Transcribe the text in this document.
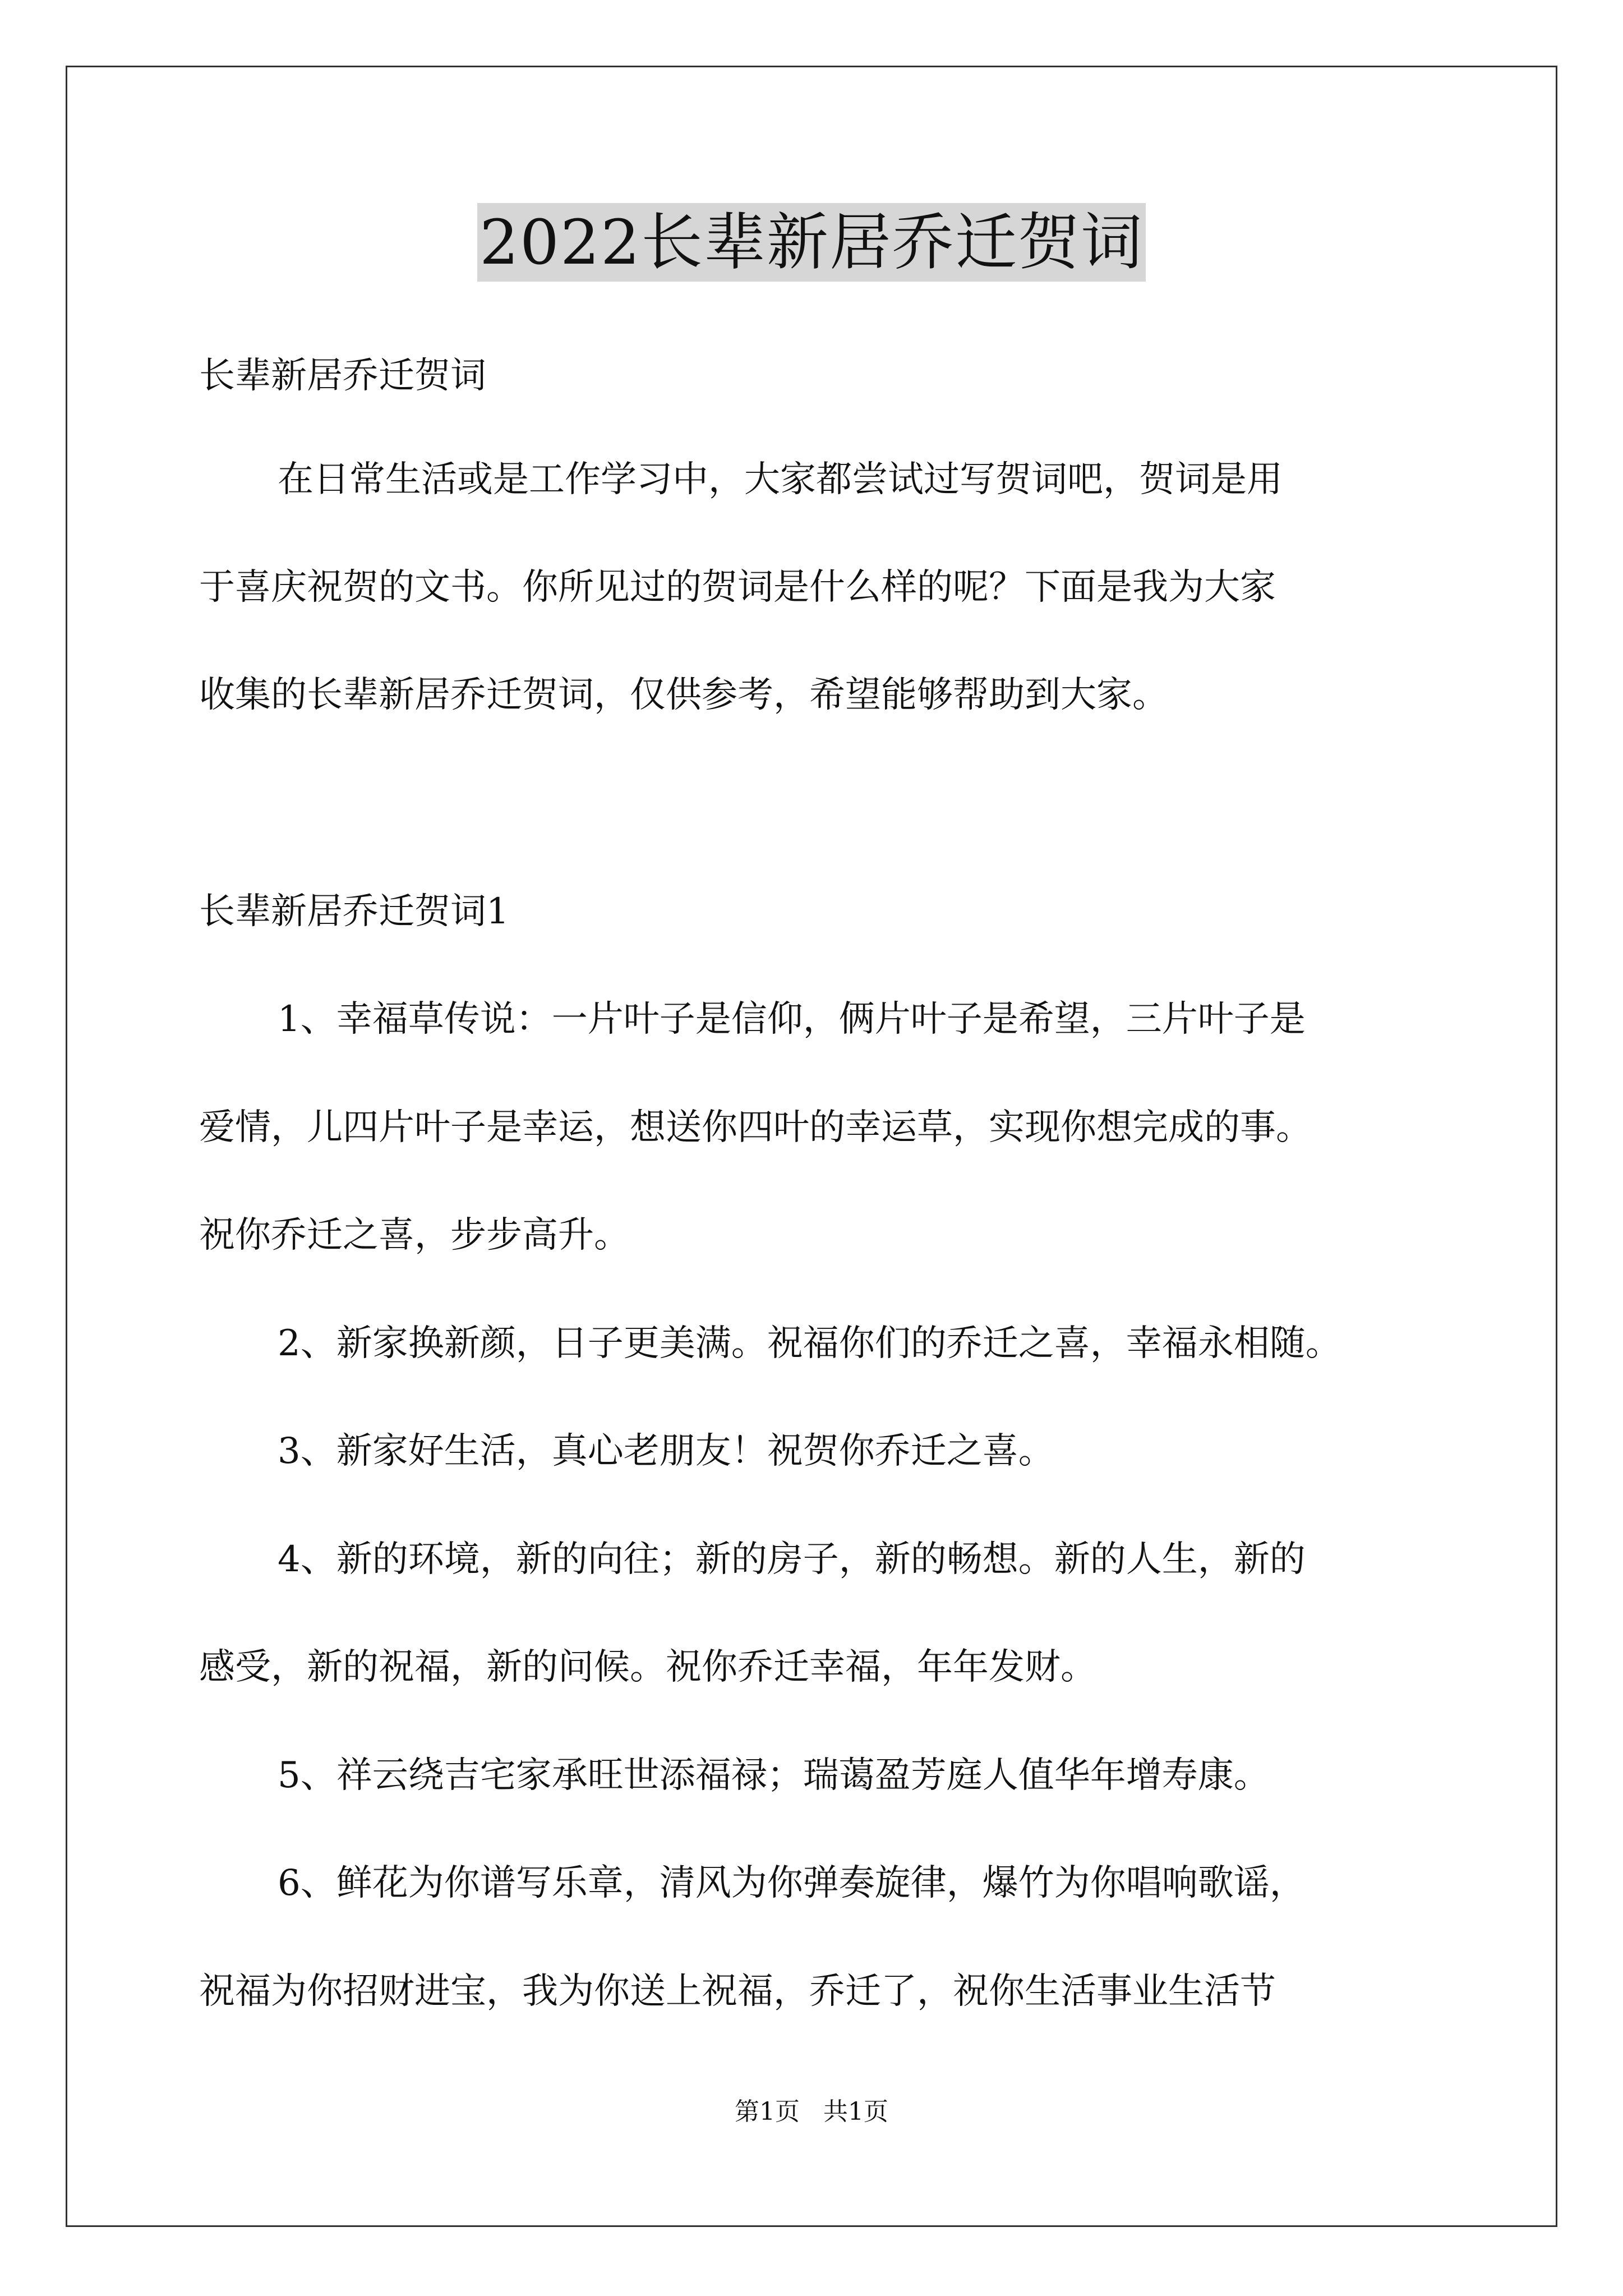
2022长辈新居乔迁贺词
长辈新居乔迁贺词
在日常生活或是工作学习中，大家都尝试过写贺词吧，贺词是用
于喜庆祝贺的文书。你所见过的贺词是什么样的呢？下面是我为大家
收集的长辈新居乔迁贺词，仅供参考，希望能够帮助到大家。
长辈新居乔迁贺词1
1、幸福草传说：一片叶子是信仰，俩片叶子是希望，三片叶子是
爱情，儿四片叶子是幸运，想送你四叶的幸运草，实现你想完成的事。
祝你乔迁之喜，步步高升。
2、新家换新颜，日子更美满。祝福你们的乔迁之喜，幸福永相随。
3、新家好生活，真心老朋友！祝贺你乔迁之喜。
4、新的环境，新的向往；新的房子，新的畅想。新的人生，新的
感受，新的祝福，新的问候。祝你乔迁幸福，年年发财。
5、祥云绕吉宅家承旺世添福禄；瑞蔼盈芳庭人值华年增寿康。
6、鲜花为你谱写乐章，清风为你弹奏旋律，爆竹为你唱响歌谣，
祝福为你招财进宝，我为你送上祝福，乔迁了，祝你生活事业生活节
第1页   共1页
